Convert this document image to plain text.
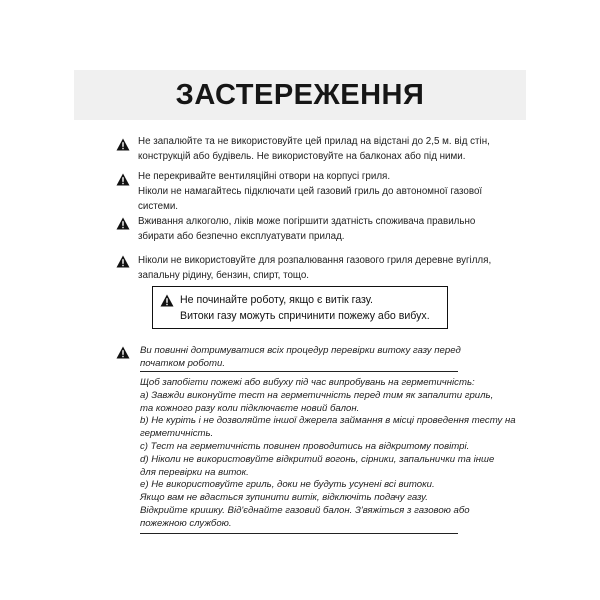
ЗАСТЕРЕЖЕННЯ
Не запалюйте та не використовуйте цей прилад на відстані до 2,5 м. від стін,
конструкцій або будівель. Не використовуйте на балконах або під ними.
Не перекривайте вентиляційні отвори на корпусі гриля.
Ніколи не намагайтесь підключати цей газовий гриль до автономної газової
системи.
Вживання алкоголю, ліків може погіршити здатність споживача правильно
збирати або безпечно експлуатувати прилад.
Ніколи не використовуйте для розпалювання газового гриля деревне вугілля,
запальну рідину, бензин, спирт, тощо.
Не починайте роботу, якщо є витік газу.
Витоки газу можуть спричинити пожежу або вибух.
Ви повинні дотримуватися всіх процедур перевірки витоку газу перед
початком роботи.
Щоб запобігти пожежі або вибуху під час випробувань на герметичність:
а) Завжди виконуйте тест на герметичність перед тим як запалити гриль,
та кожного разу коли підключаєте новий балон.
b) Не куріть і не дозволяйте іншої джерела займання в місці проведення тесту на
герметичність.
c) Тест на герметичність повинен проводитись на відкритому повітрі.
d) Ніколи не використовуйте відкритий вогонь, сірники, запальнички та інше
для перевірки на виток.
e) Не використовуйте гриль, доки не будуть усунені всі витоки.
Якщо вам не вдасться зупинити витік, відключіть подачу газу.
Відкрийте кришку. Від'єднайте газовий балон. З'вяжіться з газовою або
пожежною службою.
